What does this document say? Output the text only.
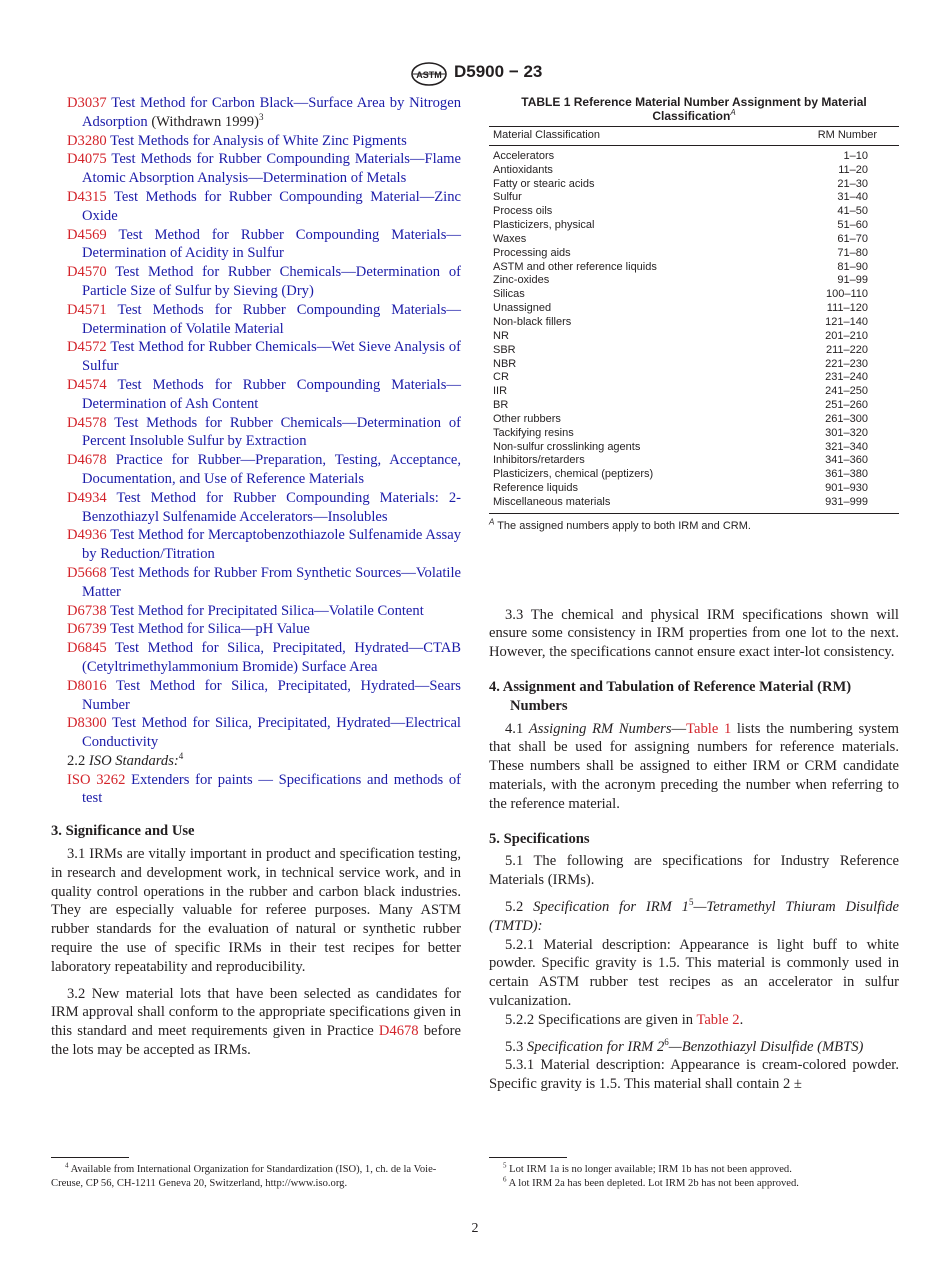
ASTM D5900 − 23
D3037 Test Method for Carbon Black—Surface Area by Nitrogen Adsorption (Withdrawn 1999)$^3$
D3280 Test Methods for Analysis of White Zinc Pigments
D4075 Test Methods for Rubber Compounding Materials—Flame Atomic Absorption Analysis—Determination of Metals
D4315 Test Methods for Rubber Compounding Material—Zinc Oxide
D4569 Test Method for Rubber Compounding Materials—Determination of Acidity in Sulfur
D4570 Test Method for Rubber Chemicals—Determination of Particle Size of Sulfur by Sieving (Dry)
D4571 Test Methods for Rubber Compounding Materials—Determination of Volatile Material
D4572 Test Method for Rubber Chemicals—Wet Sieve Analysis of Sulfur
D4574 Test Methods for Rubber Compounding Materials—Determination of Ash Content
D4578 Test Methods for Rubber Chemicals—Determination of Percent Insoluble Sulfur by Extraction
D4678 Practice for Rubber—Preparation, Testing, Acceptance, Documentation, and Use of Reference Materials
D4934 Test Method for Rubber Compounding Materials: 2-Benzothiazyl Sulfenamide Accelerators—Insolubles
D4936 Test Method for Mercaptobenzothiazole Sulfenamide Assay by Reduction/Titration
D5668 Test Methods for Rubber From Synthetic Sources—Volatile Matter
D6738 Test Method for Precipitated Silica—Volatile Content
D6739 Test Method for Silica—pH Value
D6845 Test Method for Silica, Precipitated, Hydrated—CTAB (Cetyltrimethylammonium Bromide) Surface Area
D8016 Test Method for Silica, Precipitated, Hydrated—Sears Number
D8300 Test Method for Silica, Precipitated, Hydrated—Electrical Conductivity
2.2 ISO Standards:$^4$
ISO 3262 Extenders for paints — Specifications and methods of test
3. Significance and Use

3.1 IRMs are vitally important in product and specification testing, in research and development work, in technical service work, and in quality control operations in the rubber and carbon black industries. They are especially valuable for referee purposes. Many ASTM rubber standards for the evaluation of natural or synthetic rubber require the use of specific IRMs in their test recipes for better laboratory repeatability and reproducibility.

3.2 New material lots that have been selected as candidates for IRM approval shall conform to the appropriate specifications given in this standard and meet requirements given in Practice D4678 before the lots may be accepted as IRMs.

TABLE 1 Reference Material Number Assignment by Material Classification$^A$
Material Classification	RM Number
Accelerators	1–10
Antioxidants	11–20
Fatty or stearic acids	21–30
Sulfur	31–40
Process oils	41–50
Plasticizers, physical	51–60
Waxes	61–70
Processing aids	71–80
ASTM and other reference liquids	81–90
Zinc-oxides	91–99
Silicas	100–110
Unassigned	111–120
Non-black fillers	121–140
NR	201–210
SBR	211–220
NBR	221–230
CR	231–240
IIR	241–250
BR	251–260
Other rubbers	261–300
Tackifying resins	301–320
Non-sulfur crosslinking agents	321–340
Inhibitors/retarders	341–360
Plasticizers, chemical (peptizers)	361–380
Reference liquids	901–930
Miscellaneous materials	931–999
$^A$ The assigned numbers apply to both IRM and CRM.

3.3 The chemical and physical IRM specifications shown will ensure some consistency in IRM properties from one lot to the next. However, the specifications cannot ensure exact inter-lot consistency.

4. Assignment and Tabulation of Reference Material (RM) Numbers

4.1 Assigning RM Numbers—Table 1 lists the numbering system that shall be used for assigning numbers for reference materials. These numbers shall be assigned to either IRM or CRM candidate materials, with the acronym preceding the number when referring to the reference material.

5. Specifications

5.1 The following are specifications for Industry Reference Materials (IRMs).

5.2 Specification for IRM $1^5—Tetramethyl$ Thiuram Disulfide (TMTD):

5.2.1 Material description: Appearance is light buff to white powder. Specific gravity is 1.5. This material is commonly used in certain ASTM rubber test recipes as an accelerator in sulfur vulcanization.

5.2.2 Specifications are given in Table 2.

5.3 Specification for IRM $2^6—Benzothiazyl$ Disulfide (MBTS)

5.3.1 Material description: Appearance is cream-colored powder. Specific gravity is 1.5. This material shall contain 2 ±

$^4$ Available from International Organization for Standardization (ISO), 1, ch. de la Voie-Creuse, CP 56, CH-1211 Geneva 20, Switzerland, http://www.iso.org.
$^5$ Lot IRM 1a is no longer available; IRM 1b has not been approved.
$^6$ A lot IRM 2a has been depleted. Lot IRM 2b has not been approved.
2
